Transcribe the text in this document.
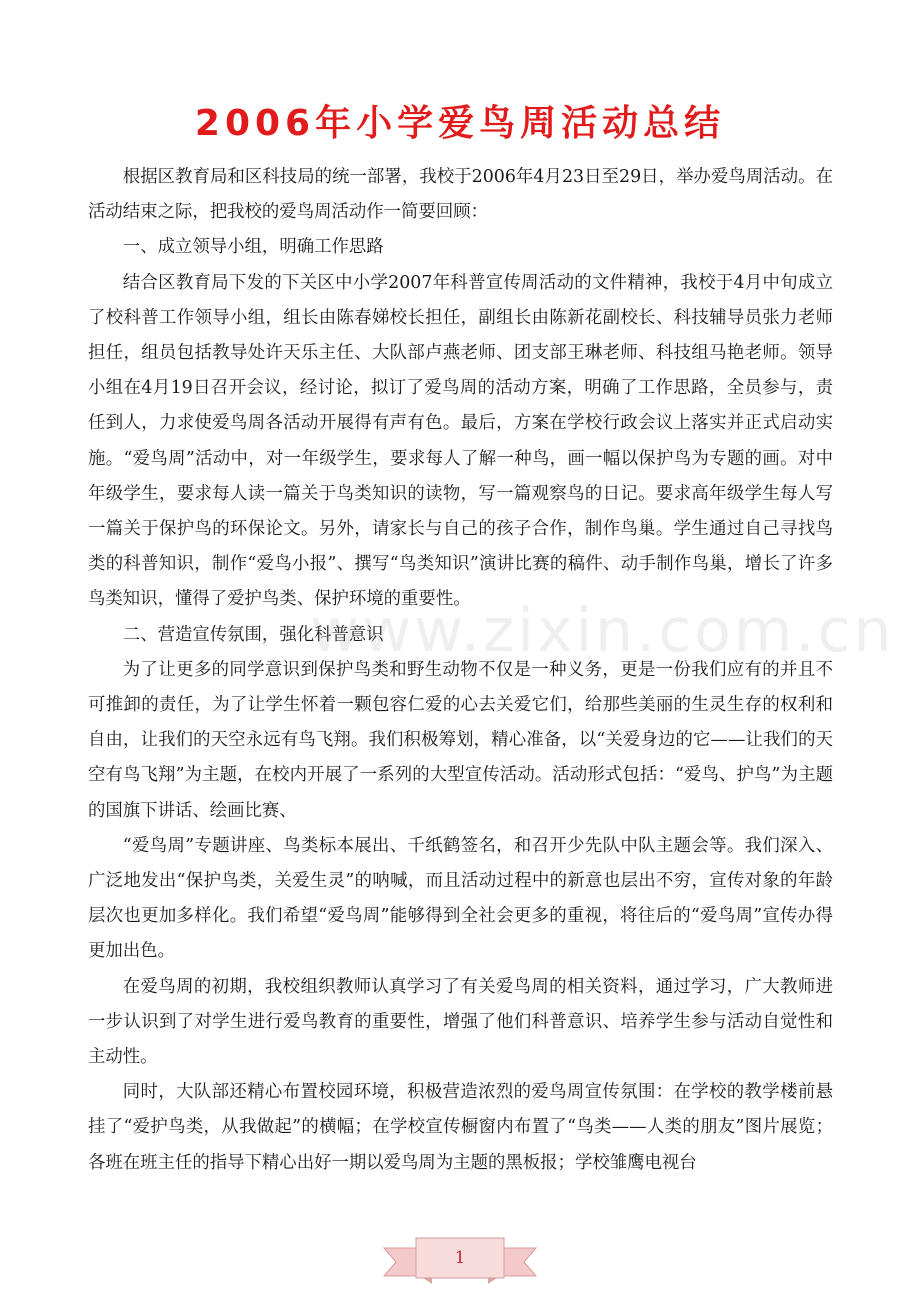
2006年小学爱鸟周活动总结

根据区教育局和区科技局的统一部署，我校于2006年4月23日至29日，举办爱鸟周活动。在活动结束之际，把我校的爱鸟周活动作一简要回顾：

一、成立领导小组，明确工作思路

结合区教育局下发的下关区中小学2007年科普宣传周活动的文件精神，我校于4月中旬成立了校科普工作领导小组，组长由陈春娣校长担任，副组长由陈新花副校长、科技辅导员张力老师担任，组员包括教导处许天乐主任、大队部卢燕老师、团支部王琳老师、科技组马艳老师。领导小组在4月19日召开会议，经讨论，拟订了爱鸟周的活动方案，明确了工作思路，全员参与，责任到人，力求使爱鸟周各活动开展得有声有色。最后，方案在学校行政会议上落实并正式启动实施。“爱鸟周”活动中，对一年级学生，要求每人了解一种鸟，画一幅以保护鸟为专题的画。对中年级学生，要求每人读一篇关于鸟类知识的读物，写一篇观察鸟的日记。要求高年级学生每人写一篇关于保护鸟的环保论文。另外，请家长与自己的孩子合作，制作鸟巢。学生通过自己寻找鸟类的科普知识，制作“爱鸟小报”、撰写“鸟类知识”演讲比赛的稿件、动手制作鸟巢，增长了许多鸟类知识，懂得了爱护鸟类、保护环境的重要性。

二、营造宣传氛围，强化科普意识

为了让更多的同学意识到保护鸟类和野生动物不仅是一种义务，更是一份我们应有的并且不可推卸的责任，为了让学生怀着一颗包容仁爱的心去关爱它们，给那些美丽的生灵生存的权利和自由，让我们的天空永远有鸟飞翔。我们积极筹划，精心准备，以“关爱身边的它——让我们的天空有鸟飞翔”为主题，在校内开展了一系列的大型宣传活动。活动形式包括：“爱鸟、护鸟”为主题的国旗下讲话、绘画比赛、

“爱鸟周”专题讲座、鸟类标本展出、千纸鹤签名，和召开少先队中队主题会等。我们深入、广泛地发出“保护鸟类，关爱生灵”的呐喊，而且活动过程中的新意也层出不穷，宣传对象的年龄层次也更加多样化。我们希望“爱鸟周”能够得到全社会更多的重视，将往后的“爱鸟周”宣传办得更加出色。

在爱鸟周的初期，我校组织教师认真学习了有关爱鸟周的相关资料，通过学习，广大教师进一步认识到了对学生进行爱鸟教育的重要性，增强了他们科普意识、培养学生参与活动自觉性和主动性。

同时，大队部还精心布置校园环境，积极营造浓烈的爱鸟周宣传氛围：在学校的教学楼前悬挂了“爱护鸟类，从我做起”的横幅；在学校宣传橱窗内布置了“鸟类——人类的朋友”图片展览；各班在班主任的指导下精心出好一期以爱鸟周为主题的黑板报；学校雏鹰电视台

www.zixin.com.cn
1
